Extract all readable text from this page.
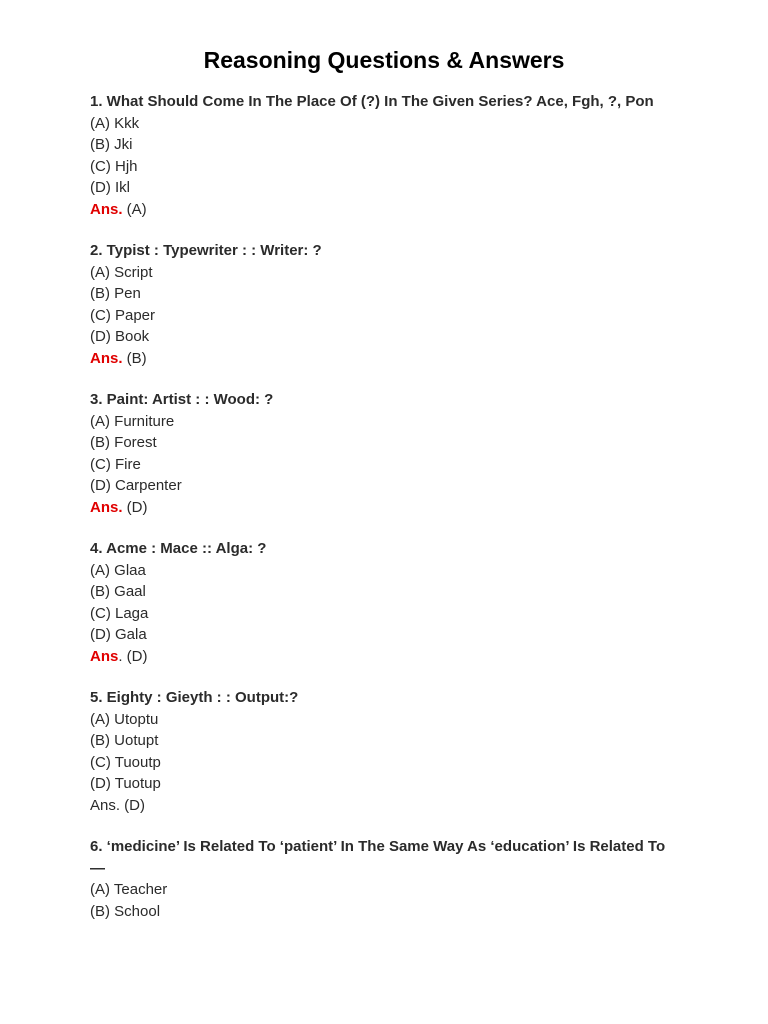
Reasoning Questions & Answers
1. What Should Come In The Place Of (?) In The Given Series? Ace, Fgh, ?, Pon
(A) Kkk
(B) Jki
(C) Hjh
(D) Ikl
Ans. (A)
2. Typist : Typewriter : : Writer: ?
(A) Script
(B) Pen
(C) Paper
(D) Book
Ans. (B)
3. Paint: Artist : : Wood: ?
(A) Furniture
(B) Forest
(C) Fire
(D) Carpenter
Ans. (D)
4. Acme : Mace :: Alga: ?
(A) Glaa
(B) Gaal
(C) Laga
(D) Gala
Ans. (D)
5. Eighty : Gieyth : : Output:?
(A) Utoptu
(B) Uotupt
(C) Tuoutp
(D) Tuotup
Ans. (D)
6. ‘medicine’ Is Related To ‘patient’ In The Same Way As ‘education’ Is Related To—
(A) Teacher
(B) School
